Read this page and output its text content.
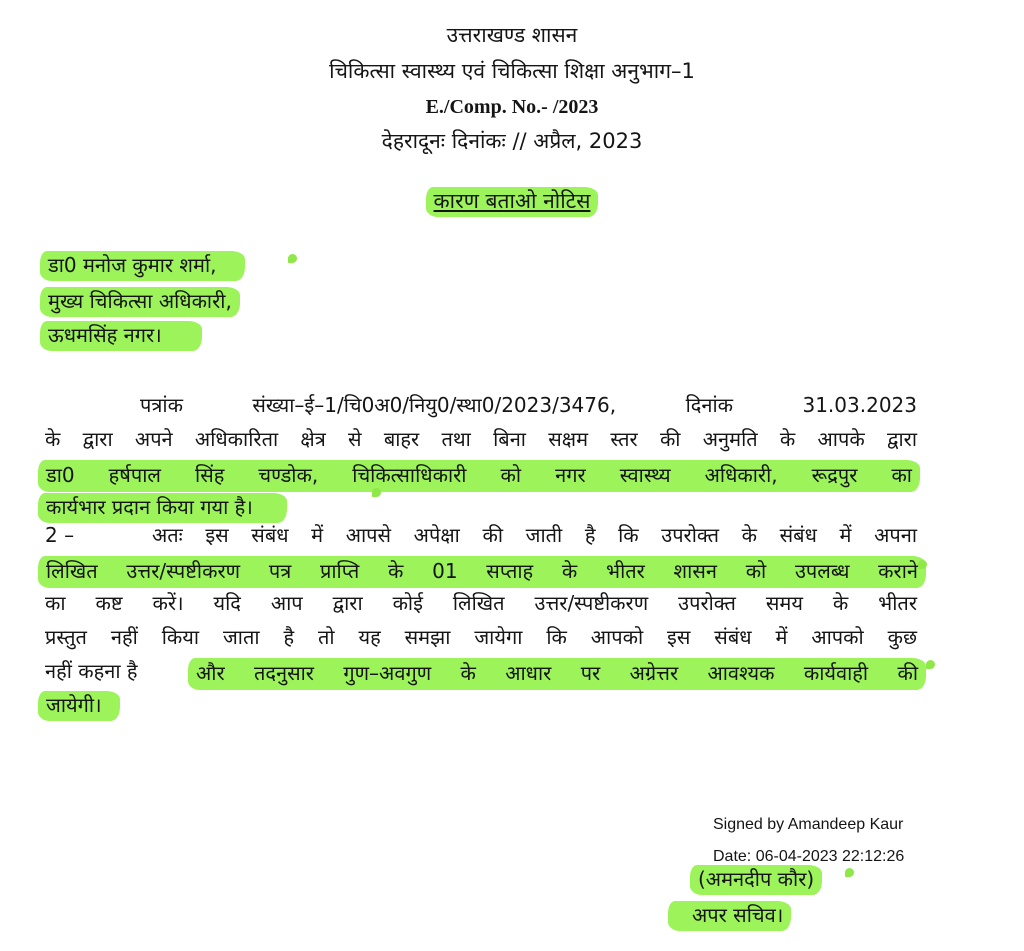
उत्तराखण्ड शासन
चिकित्सा स्वास्थ्य एवं चिकित्सा शिक्षा अनुभाग–1
E./Comp. No.- /2023
देहरादूनः दिनांकः // अप्रैल, 2023
कारण बताओ नोटिस
डा0 मनोज कुमार शर्मा,
मुख्य चिकित्सा अधिकारी,
ऊधमसिंह नगर।
पत्रांक संख्या–ई–1/चि0अ0/नियु0/स्था0/2023/3476, दिनांक 31.03.2023
के द्वारा अपने अधिकारिता क्षेत्र से बाहर तथा बिना सक्षम स्तर की अनुमति के आपके द्वारा
डा0 हर्षपाल सिंह चण्डोक, चिकित्साधिकारी को नगर स्वास्थ्य अधिकारी, रूद्रपुर का
कार्यभार प्रदान किया गया है।
2 –	अतः इस संबंध में आपसे अपेक्षा की जाती है कि उपरोक्त के संबंध में अपना
लिखित उत्तर/स्पष्टीकरण पत्र प्राप्ति के 01 सप्ताह के भीतर शासन को उपलब्ध कराने
का कष्ट करें। यदि आप द्वारा कोई लिखित उत्तर/स्पष्टीकरण उपरोक्त समय के भीतर
प्रस्तुत नहीं किया जाता है तो यह समझा जायेगा कि आपको इस संबंध में आपको कुछ
नहीं कहना है	और तदनुसार गुण–अवगुण के आधार पर अग्रेत्तर आवश्यक कार्यवाही की
जायेगी।
Signed by Amandeep Kaur
Date: 06-04-2023 22:12:26
(अमनदीप कौर)
अपर सचिव।
